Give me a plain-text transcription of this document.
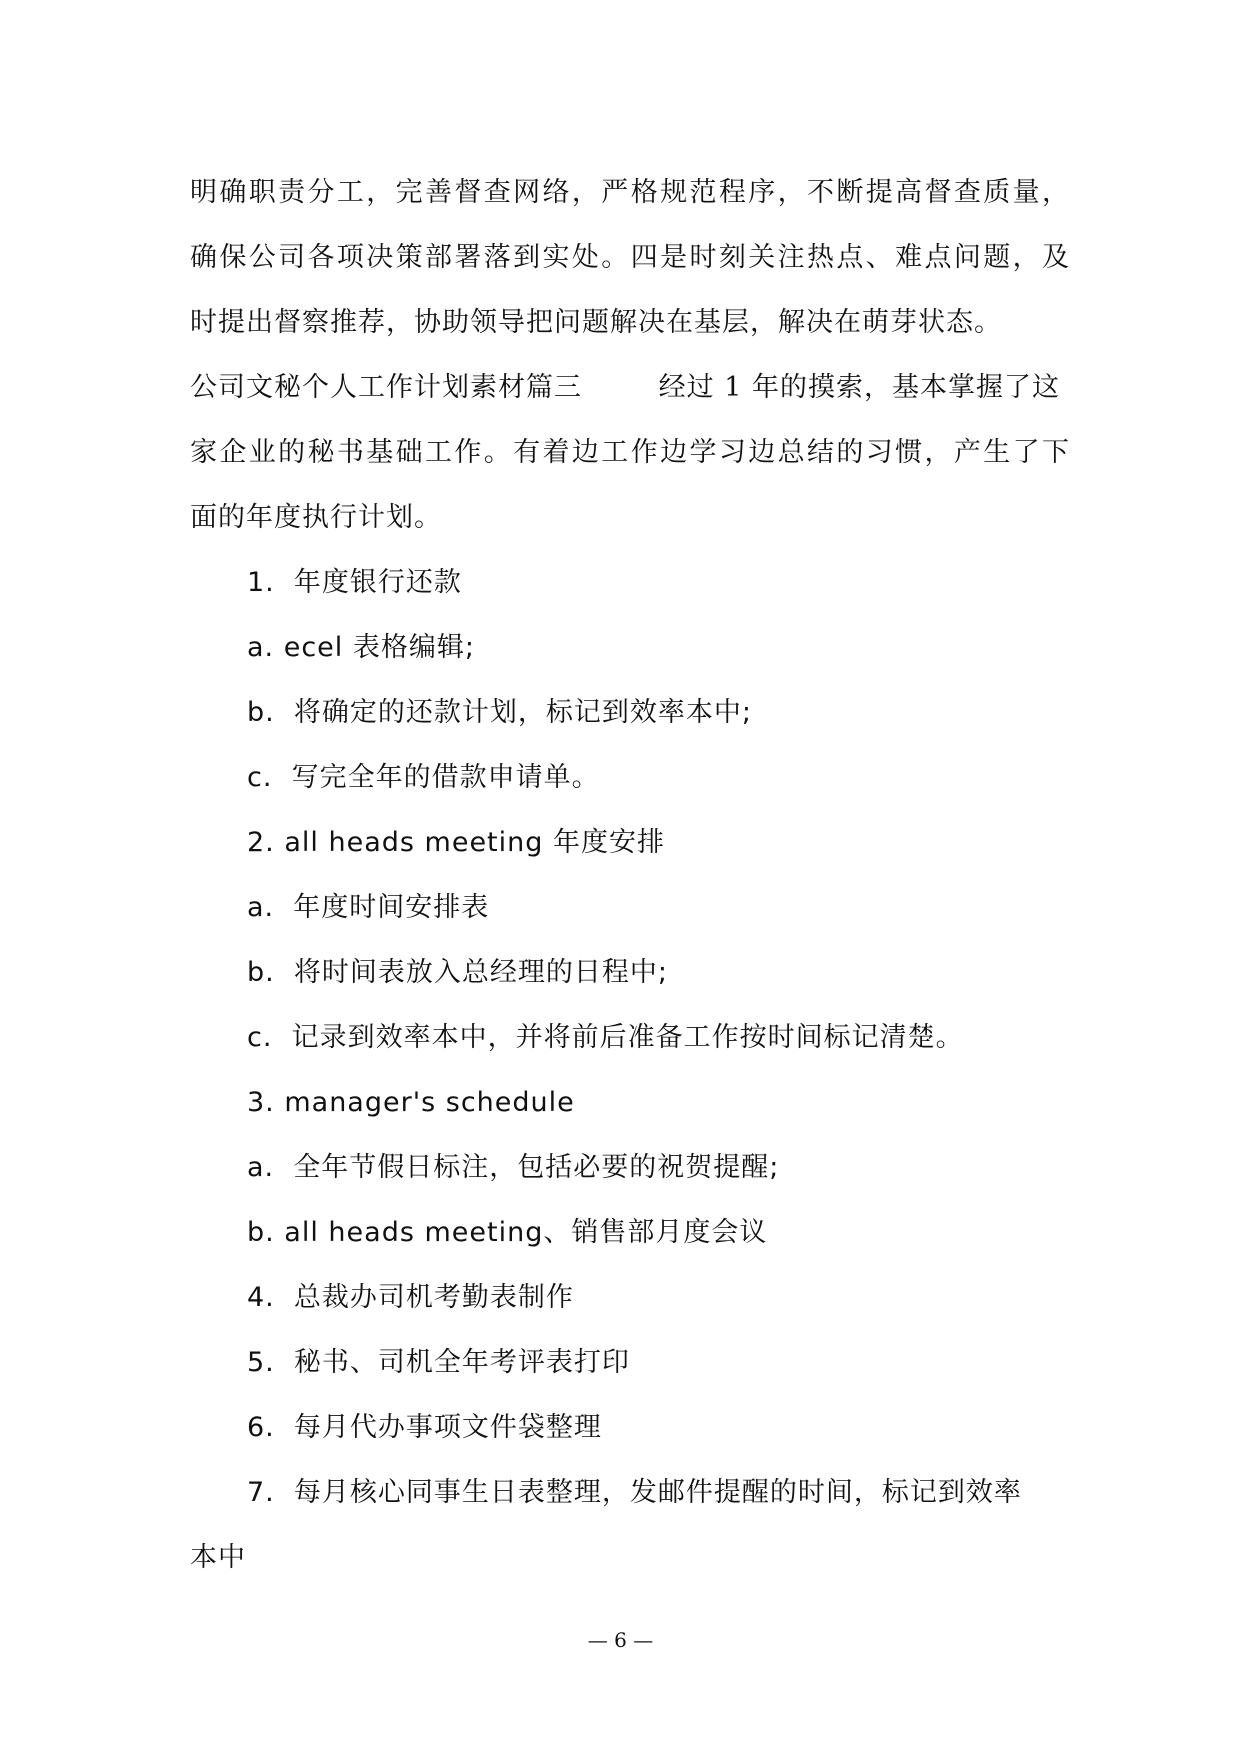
明确职责分工，完善督查网络，严格规范程序，不断提高督查质量，
确保公司各项决策部署落到实处。四是时刻关注热点、难点问题，及
时提出督察推荐，协助领导把问题解决在基层，解决在萌芽状态。
公司文秘个人工作计划素材篇三        经过 1 年的摸索，基本掌握了这
家企业的秘书基础工作。有着边工作边学习边总结的习惯，产生了下
面的年度执行计划。
1.  年度银行还款
a. ecel 表格编辑;
b.  将确定的还款计划，标记到效率本中;
c.  写完全年的借款申请单。
2. all heads meeting 年度安排
a.  年度时间安排表
b.  将时间表放入总经理的日程中;
c.  记录到效率本中，并将前后准备工作按时间标记清楚。
3. manager's schedule
a.  全年节假日标注，包括必要的祝贺提醒;
b. all heads meeting、销售部月度会议
4.  总裁办司机考勤表制作
5.  秘书、司机全年考评表打印
6.  每月代办事项文件袋整理
7.  每月核心同事生日表整理，发邮件提醒的时间，标记到效率
本中
— 6 —
